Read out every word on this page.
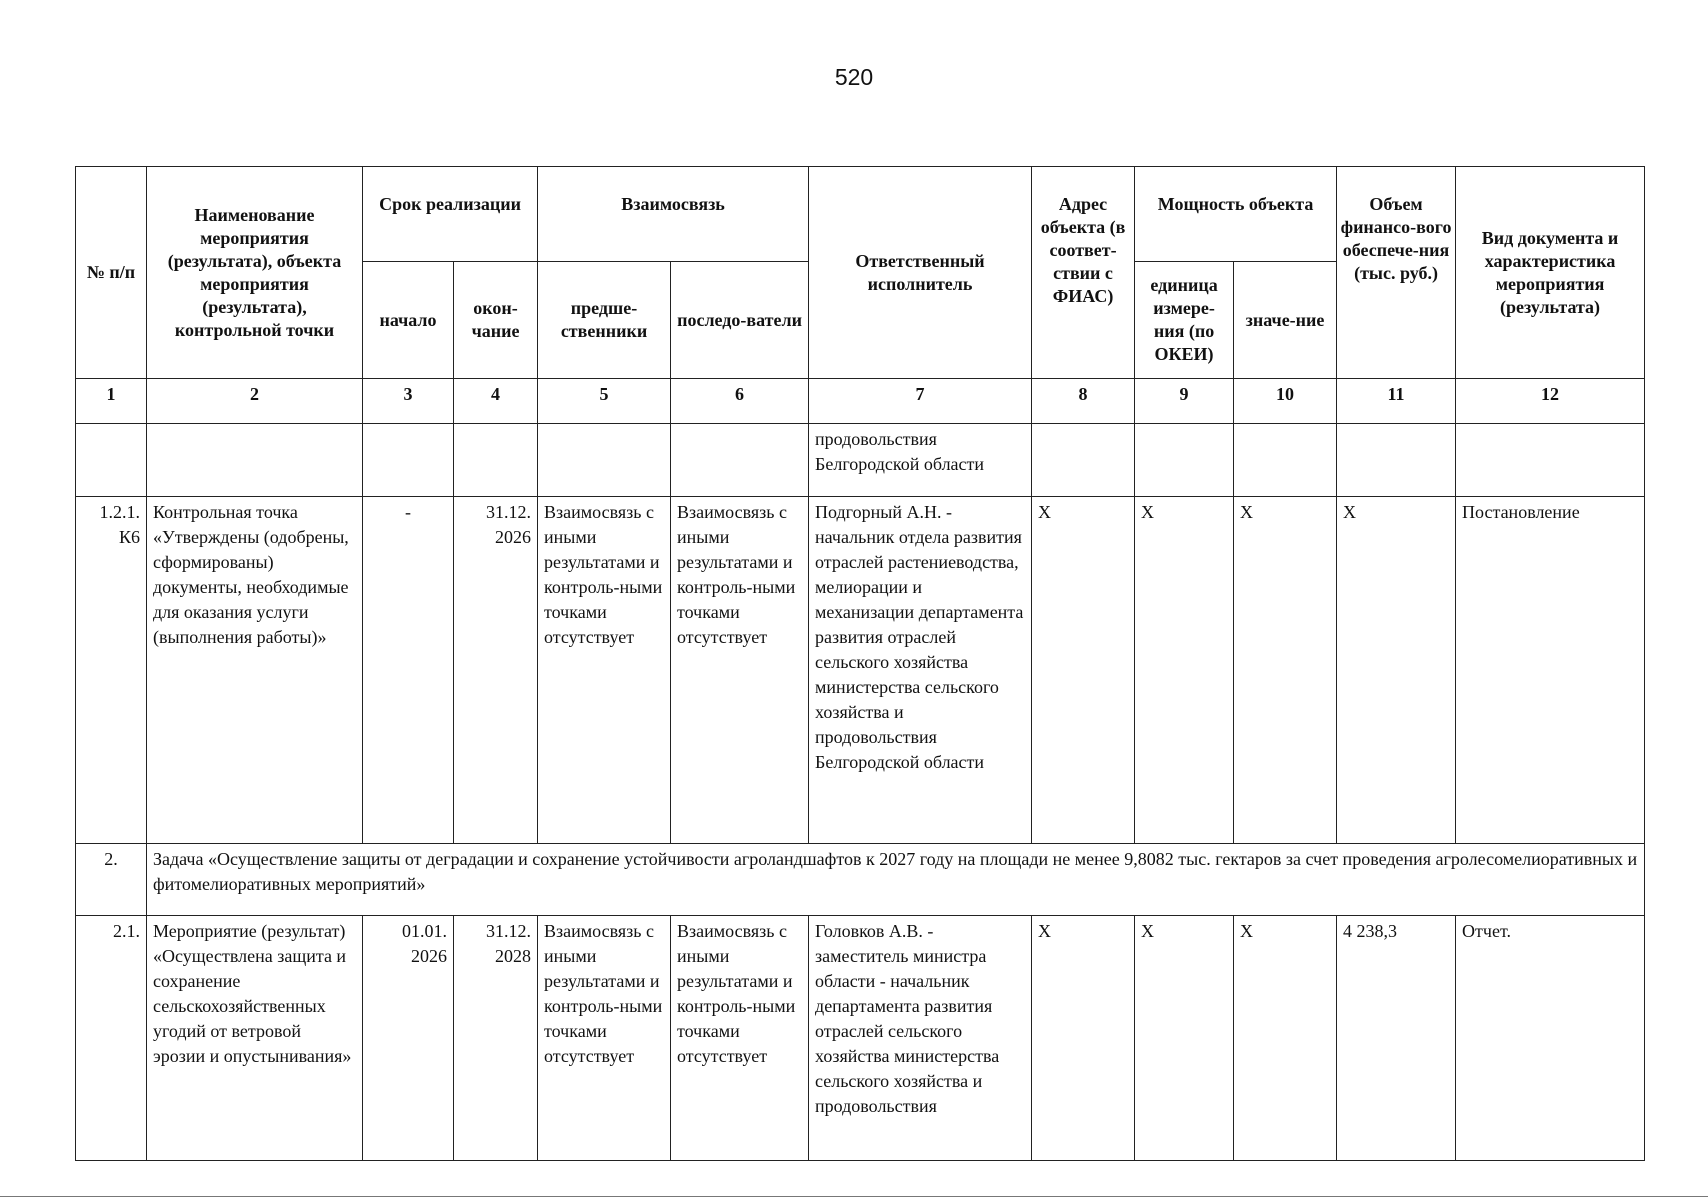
520
№ п/п	Наименование мероприятия (результата), объекта мероприятия (результата), контрольной точки	Срок реализации		Взаимосвязь		Ответственный исполнитель	Адрес объекта (в соответ-ствии с ФИАС)	Мощность объекта		Объем финансо-вого обеспече-ния (тыс. руб.)	Вид документа и характеристика мероприятия (результата)
		начало	окон-чание	предше-ственники	последо-ватели			единица измере-ния (по ОКЕИ)	значе-ние		
1	2	3	4	5	6	7	8	9	10	11	12
						продовольствия Белгородской области					
1.2.1. К6	Контрольная точка «Утверждены (одобрены, сформированы) документы, необходимые для оказания услуги (выполнения работы)»	-	31.12. 2026	Взаимосвязь с иными результатами и контроль-ными точками отсутствует	Взаимосвязь с иными результатами и контроль-ными точками отсутствует	Подгорный А.Н. - начальник отдела развития отраслей растениеводства, мелиорации и механизации департамента развития отраслей сельского хозяйства министерства сельского хозяйства и продовольствия Белгородской области	X	X	X	X	Постановление
2.	Задача «Осуществление защиты от деградации и сохранение устойчивости агроландшафтов к 2027 году на площади не менее 9,8082 тыс. гектаров за счет проведения агролесомелиоративных и фитомелиоративных мероприятий»										
2.1.	Мероприятие (результат) «Осуществлена защита и сохранение сельскохозяйственных угодий от ветровой эрозии и опустынивания»	01.01. 2026	31.12. 2028	Взаимосвязь с иными результатами и контроль-ными точками отсутствует	Взаимосвязь с иными результатами и контроль-ными точками отсутствует	Головков А.В. - заместитель министра области - начальник департамента развития отраслей сельского хозяйства министерства сельского хозяйства и продовольствия	X	X	X	4 238,3	Отчет.
